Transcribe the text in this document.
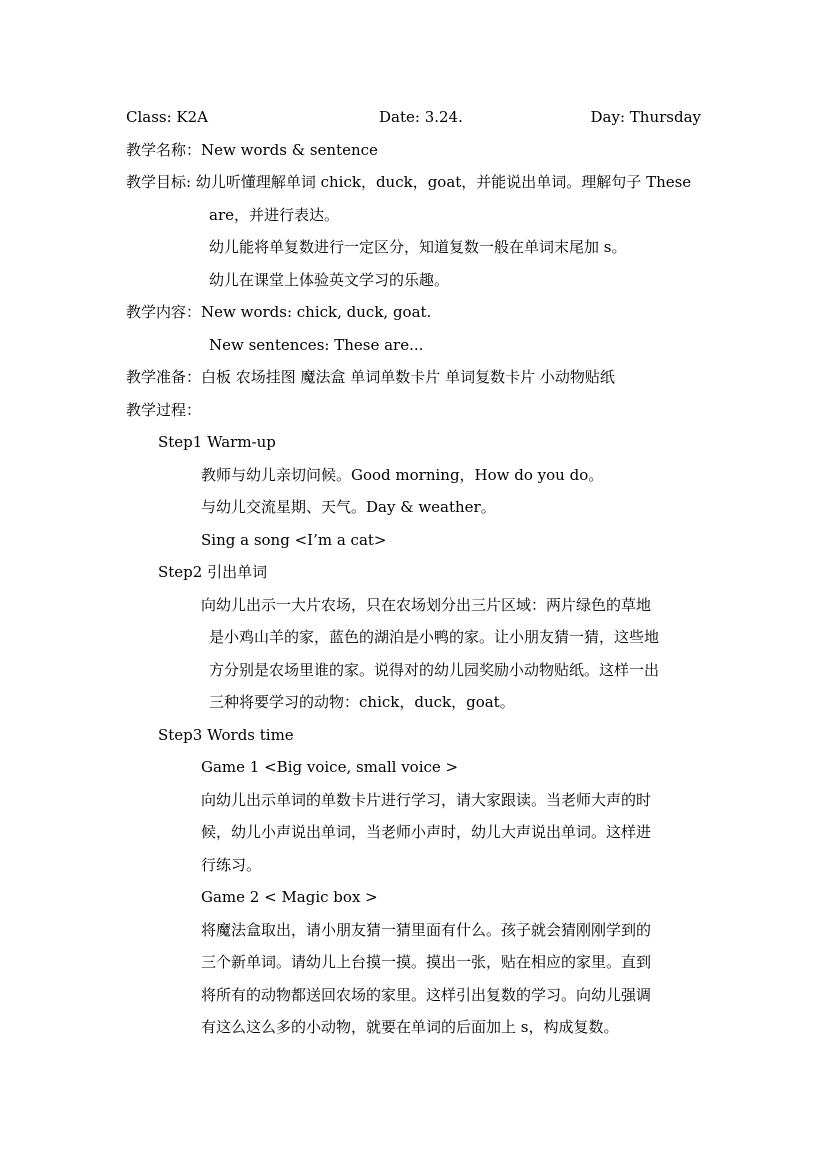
Class: K2A	Date: 3.24.	Day: Thursday
教学名称：New words & sentence
教学目标: 幼儿听懂理解单词 chick，duck，goat，并能说出单词。理解句子 These
are，并进行表达。
幼儿能将单复数进行一定区分，知道复数一般在单词末尾加 s。
幼儿在课堂上体验英文学习的乐趣。
教学内容：New words: chick, duck, goat.
New sentences: These are...
教学准备：白板 农场挂图 魔法盒 单词单数卡片 单词复数卡片 小动物贴纸
教学过程：
Step1 Warm-up
教师与幼儿亲切问候。Good morning，How do you do。
与幼儿交流星期、天气。Day & weather。
Sing a song <I’m a cat>
Step2 引出单词
向幼儿出示一大片农场，只在农场划分出三片区域：两片绿色的草地
是小鸡山羊的家，蓝色的湖泊是小鸭的家。让小朋友猜一猜，这些地
方分别是农场里谁的家。说得对的幼儿园奖励小动物贴纸。这样一出
三种将要学习的动物：chick，duck，goat。
Step3 Words time
Game 1 <Big voice, small voice >
向幼儿出示单词的单数卡片进行学习，请大家跟读。当老师大声的时
候，幼儿小声说出单词，当老师小声时，幼儿大声说出单词。这样进
行练习。
Game 2 < Magic box >
将魔法盒取出，请小朋友猜一猜里面有什么。孩子就会猜刚刚学到的
三个新单词。请幼儿上台摸一摸。摸出一张，贴在相应的家里。直到
将所有的动物都送回农场的家里。这样引出复数的学习。向幼儿强调
有这么这么多的小动物，就要在单词的后面加上 s，构成复数。
